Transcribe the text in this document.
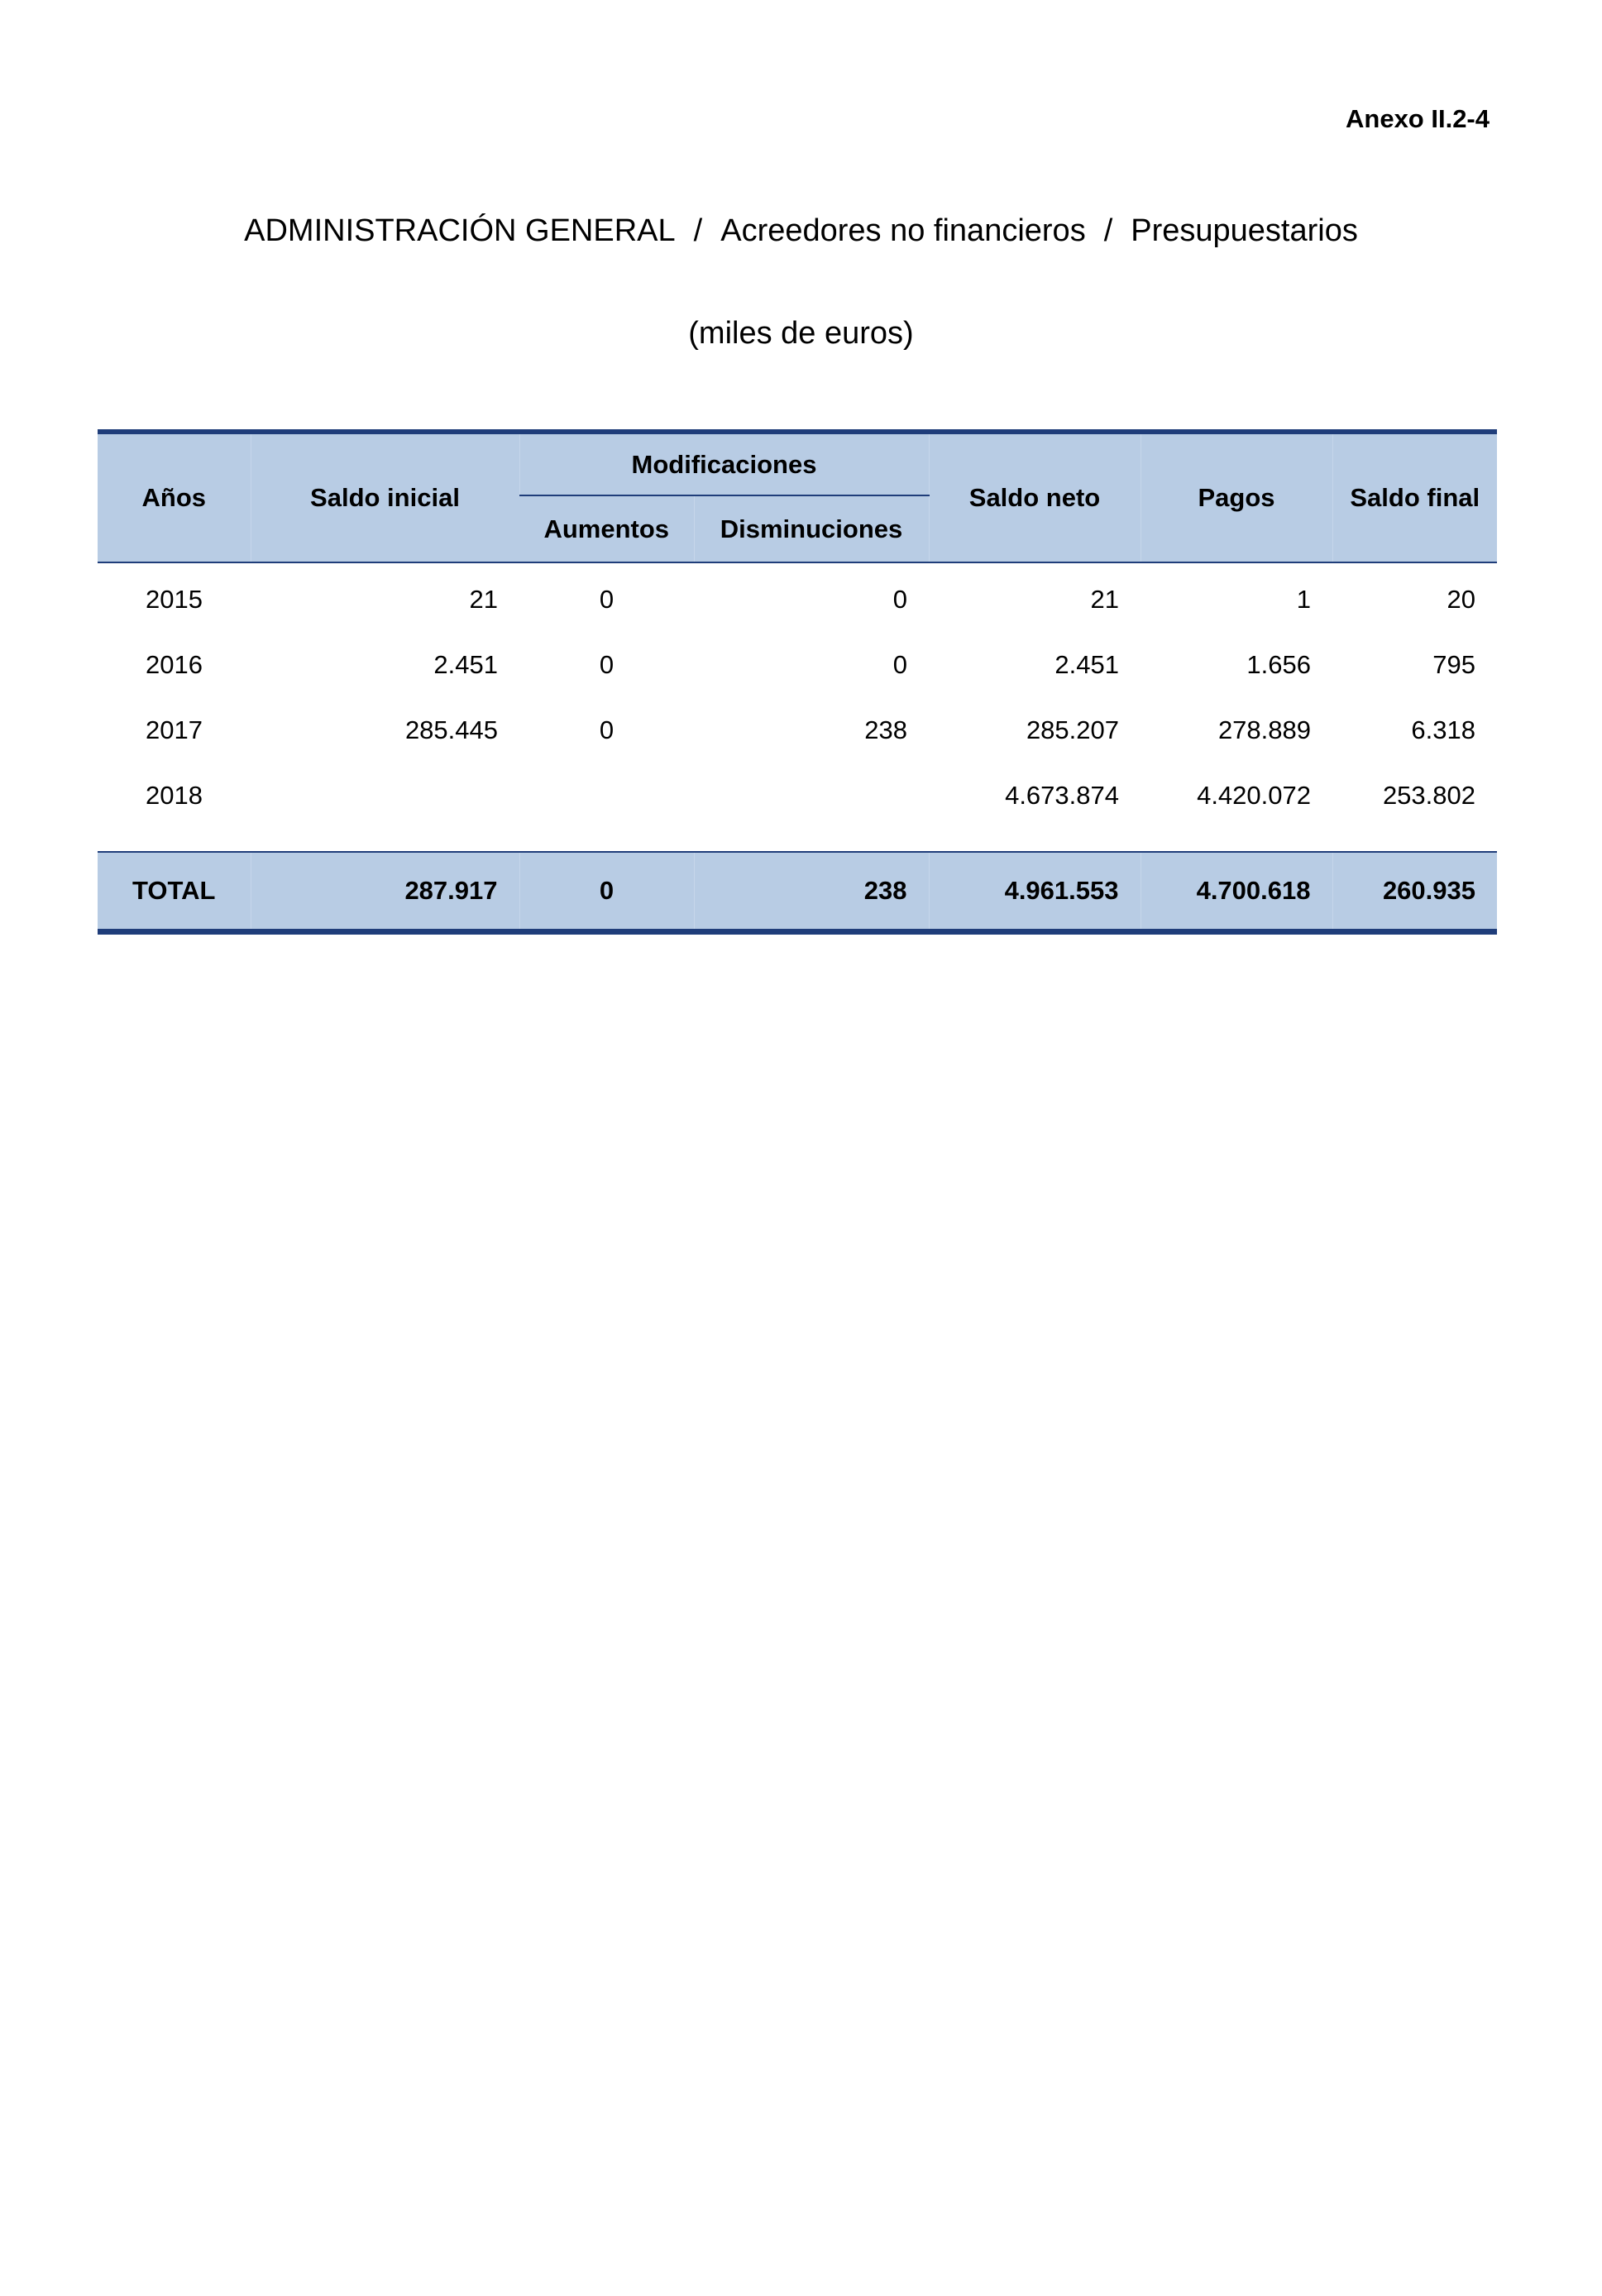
Anexo II.2-4
ADMINISTRACIÓN GENERAL / Acreedores no financieros / Presupuestarios
(miles de euros)
Años	Saldo inicial	Modificaciones		Saldo neto	Pagos	Saldo final
		Aumentos	Disminuciones			
2015	21	0	0	21	1	20
2016	2.451	0	0	2.451	1.656	795
2017	285.445	0	238	285.207	278.889	6.318
2018				4.673.874	4.420.072	253.802

TOTAL	287.917	0	238	4.961.553	4.700.618	260.935
